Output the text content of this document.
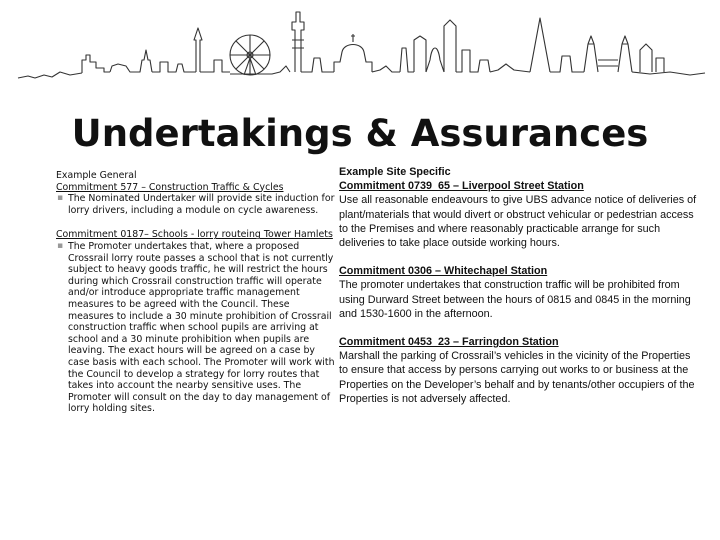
Undertakings & Assurances
Example General
Commitment 577 – Construction Traffic & Cycles
▪ The Nominated Undertaker will provide site induction for lorry drivers, including a module on cycle awareness.
Commitment 0187– Schools - lorry routeing Tower Hamlets
▪ The Promoter undertakes that, where a proposed Crossrail lorry route passes a school that is not currently subject to heavy goods traffic, he will restrict the hours during which Crossrail construction traffic will operate and/or introduce appropriate traffic management measures to be agreed with the Council. These measures to include a 30 minute prohibition of Crossrail construction traffic when school pupils are arriving at school and a 30 minute prohibition when pupils are leaving. The exact hours will be agreed on a case by case basis with each school. The Promoter will work with the Council to develop a strategy for lorry routes that takes into account the nearby sensitive uses. The Promoter will consult on the day to day management of lorry holding sites.
Example Site Specific
Commitment 0739_65 – Liverpool Street Station
Use all reasonable endeavours to give UBS advance notice of deliveries of plant/materials that would divert or obstruct vehicular or pedestrian access to the Premises and where reasonably practicable arrange for such deliveries to take place outside working hours.
Commitment 0306 – Whitechapel Station
The promoter undertakes that construction traffic will be prohibited from using Durward Street between the hours of 0815 and 0845 in the morning and 1530-1600 in the afternoon.
Commitment 0453_23 – Farringdon Station
Marshall the parking of Crossrail’s vehicles in the vicinity of the Properties to ensure that access by persons carrying out works to or business at the Properties on the Developer’s behalf and by tenants/other occupiers of the Properties is not adversely affected.
